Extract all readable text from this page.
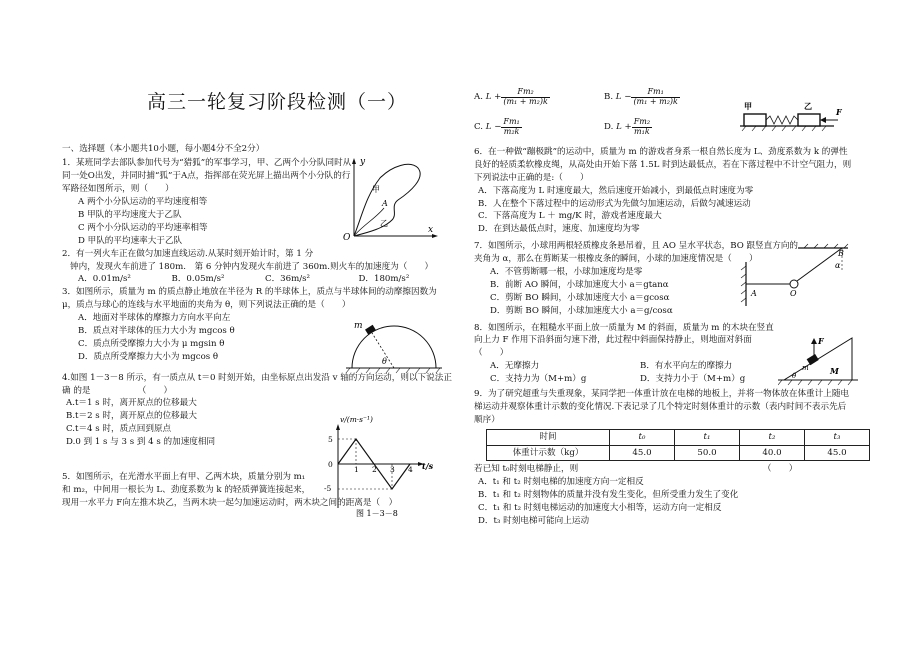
高三一轮复习阶段检测（一）

一、选择题（本小题共10小题，每小题4分不全2分）

1．某班同学去部队参加代号为“猎狐”的军事学习，甲、乙两个小分队同时从同一处O出发，并同时捕“狐”于A点，指挥部在荧光屏上描出两个小分队的行军路径如图所示，则（　　）

A 两个小分队运动的平均速度相等

B 甲队的平均速度大于乙队

C 两个小分队运动的平均速率相等

D 甲队的平均速率大于乙队

2．有一列火车正在做匀加速直线运动.从某时刻开始计时，第 1 分

钟内，发现火车前进了 180m.　第 6 分钟内发现火车前进了 360m.则火车的加速度为（　　）

A．0.01m/s²	B．0.05m/s²	C．36m/s²	D．180m/s²

3．如图所示，质量为 m 的质点静止地放在半径为 R 的半球体上，质点与半球体间的动摩擦因数为 μ，质点与球心的连线与水平地面的夹角为 θ，则下列说法正确的是（　　）

A．地面对半球体的摩擦力方向水平向左

B．质点对半球体的压力大小为 mgcos θ

C．质点所受摩擦力大小为 μ mgsin θ

D．质点所受摩擦力大小为 mgcos θ

4.如图 1－3－8 所示，有一质点从 t＝0 时刻开始，由坐标原点出发沿 v 轴的方向运动，则以下说法正确 的是　　　　　　（　　）

A.t＝1 s 时，离开原点的位移最大

B.t＝2 s 时，离开原点的位移最大

C.t＝4 s 时，质点回到原点

D.0 到 1 s 与 3 s 到 4 s 的加速度相同

5．如图所示，在光滑水平面上有甲、乙两木块，质量分别为 m₁

和 m₂，中间用一根长为 L、劲度系数为 k 的轻质弹簧连接起来，

现用一水平力 F向左推木块乙，当两木块一起匀加速运动时，两木块之间的距离是（　）

y
x
O
A
甲
乙
m
θ
v/(m·s⁻¹)
t/s
5
0
-5
1 2 3 4
图 1－3－8
A.
$L + \frac{\text{Fm₂}}{\text{(m₁ + m₂)k}}$	B.
$L - \frac{\text{Fm₁}}{\text{(m₁ + m₂)k}}$
C.
$L - \frac{\text{Fm₁}}{\text{m₂k}}$	D.
$L + \frac{\text{Fm₂}}{\text{m₁k}}$

6．在一种做“蹦极跳”的运动中，质量为 m 的游戏者身系一根自然长度为 L、劲度系数为 k 的弹性良好的轻质柔软橡皮绳，从高处由开始下落 1.5L 时到达最低点，若在下落过程中不计空气阻力，则下列说法中正确的是:（　　）

A．下落高度为 L 时速度最大，然后速度开始减小，到最低点时速度为零

B．人在整个下落过程中的运动形式为先做匀加速运动，后做匀减速运动

C．下落高度为 L ＋ mg/K 时，游戏者速度最大

D．在到达最低点时，速度、加速度均为零

7．如图所示，小球用两根轻质橡皮条悬吊着，且 AO 呈水平状态，BO 跟竖直方向的夹角为 α，那么在剪断某一根橡皮条的瞬间，小球的加速度情况是（　　）

A．不管剪断哪一根，小球加速度均是零

B．前断 AO 瞬间，小球加速度大小 a＝gtanα

C．剪断 BO 瞬间，小球加速度大小 a＝gcosα

D．剪断 BO 瞬间，小球加速度大小 a＝g/cosα

8．如图所示，在粗糙水平面上放一质量为 M 的斜面，质量为 m 的木块在竖直向上力 F 作用下沿斜面匀速下滑，此过程中斜面保持静止，则地面对斜面（　　）

A．无摩擦力	B．有水平向左的摩擦力
C．支持力为（M+m）g	D．支持力小于（M+m）g

9．为了研究超重与失重现象，某同学把一体重计放在电梯的地板上，并将一物体放在体重计上随电梯运动并观察体重计示数的变化情况.下表记录了几个特定时刻体重计的示数（表内时间不表示先后顺序）

时间	t₀	t₁	t₂	t₃
体重计示数（kg）	45.0	50.0	40.0	45.0

若已知 t₀时刻电梯静止，则　　　　　　　　　　　　　　　　　　　　　　（　　）

A．t₁ 和 t₂ 时刻电梯的加速度方向一定相反

B．t₁ 和 t₂ 时刻物体的质量并没有发生变化，但所受重力发生了变化

C．t₁ 和 t₂ 时刻电梯运动的加速度大小相等，运动方向一定相反

D．t₃ 时刻电梯可能向上运动

甲	乙
F
A	O
B
α
F
m	M
θ
